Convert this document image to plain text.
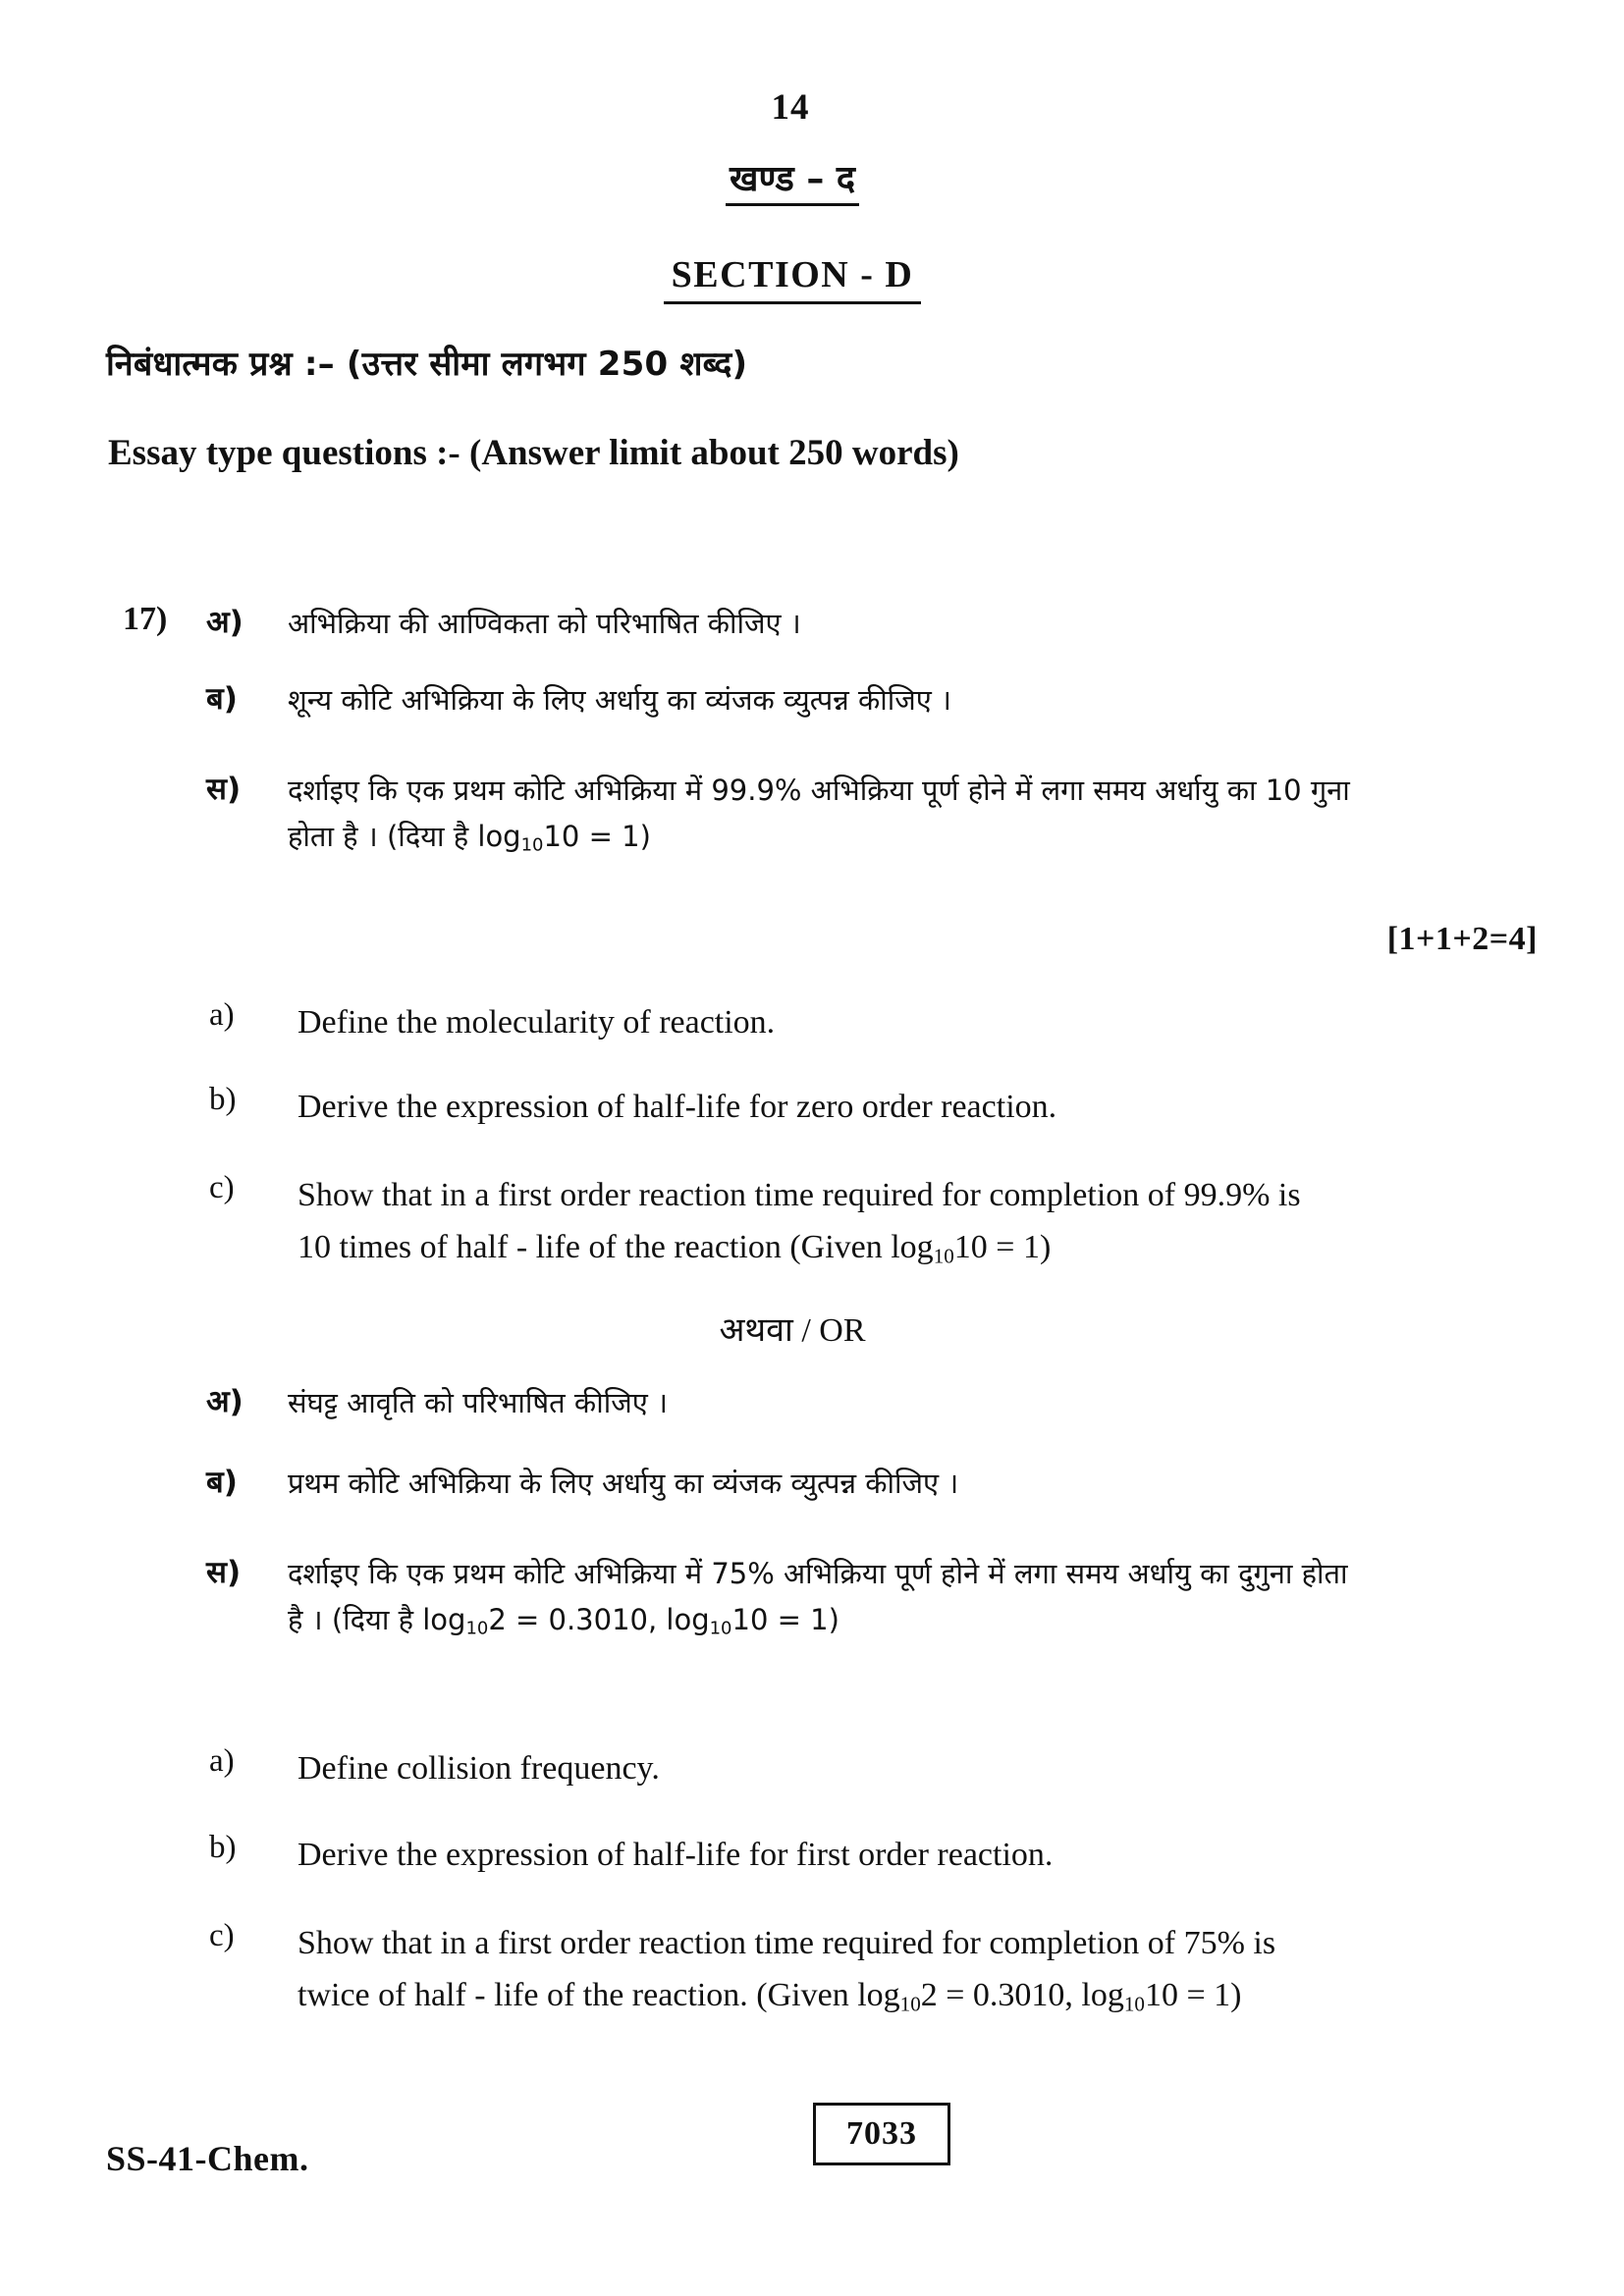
14
खण्ड – द
SECTION - D
निबंधात्मक प्रश्न :– (उत्तर सीमा लगभग 250 शब्द)
Essay type questions :- (Answer limit about 250 words)
17)	अ)	अभिक्रिया की आण्विकता को परिभाषित कीजिए ।
ब)	शून्य कोटि अभिक्रिया के लिए अर्धायु का व्यंजक व्युत्पन्न कीजिए ।
स)	दर्शाइए कि एक प्रथम कोटि अभिक्रिया में 99.9% अभिक्रिया पूर्ण होने में लगा समय अर्धायु का 10 गुना
होता है । (दिया है $\log_{10}10 = 1$)
[1+1+2=4]
a)	Define the molecularity of reaction.
b)	Derive the expression of half-life for zero order reaction.
c)	Show that in a first order reaction time required for completion of 99.9% is
10 times of half - life of the reaction (Given $\log_{10}10 = 1$)
अथवा / OR
अ)	संघट्ट आवृति को परिभाषित कीजिए ।
ब)	प्रथम कोटि अभिक्रिया के लिए अर्धायु का व्यंजक व्युत्पन्न कीजिए ।
स)	दर्शाइए कि एक प्रथम कोटि अभिक्रिया में 75% अभिक्रिया पूर्ण होने में लगा समय अर्धायु का दुगुना होता
है । (दिया है $\log_{10}2 = 0.3010$, $\log_{10}10 = 1$)
a)	Define collision frequency.
b)	Derive the expression of half-life for first order reaction.
c)	Show that in a first order reaction time required for completion of 75% is
twice of half - life of the reaction. (Given $\log_{10}2 = 0.3010$, $\log_{10}10 = 1$)
SS-41-Chem.
7033
